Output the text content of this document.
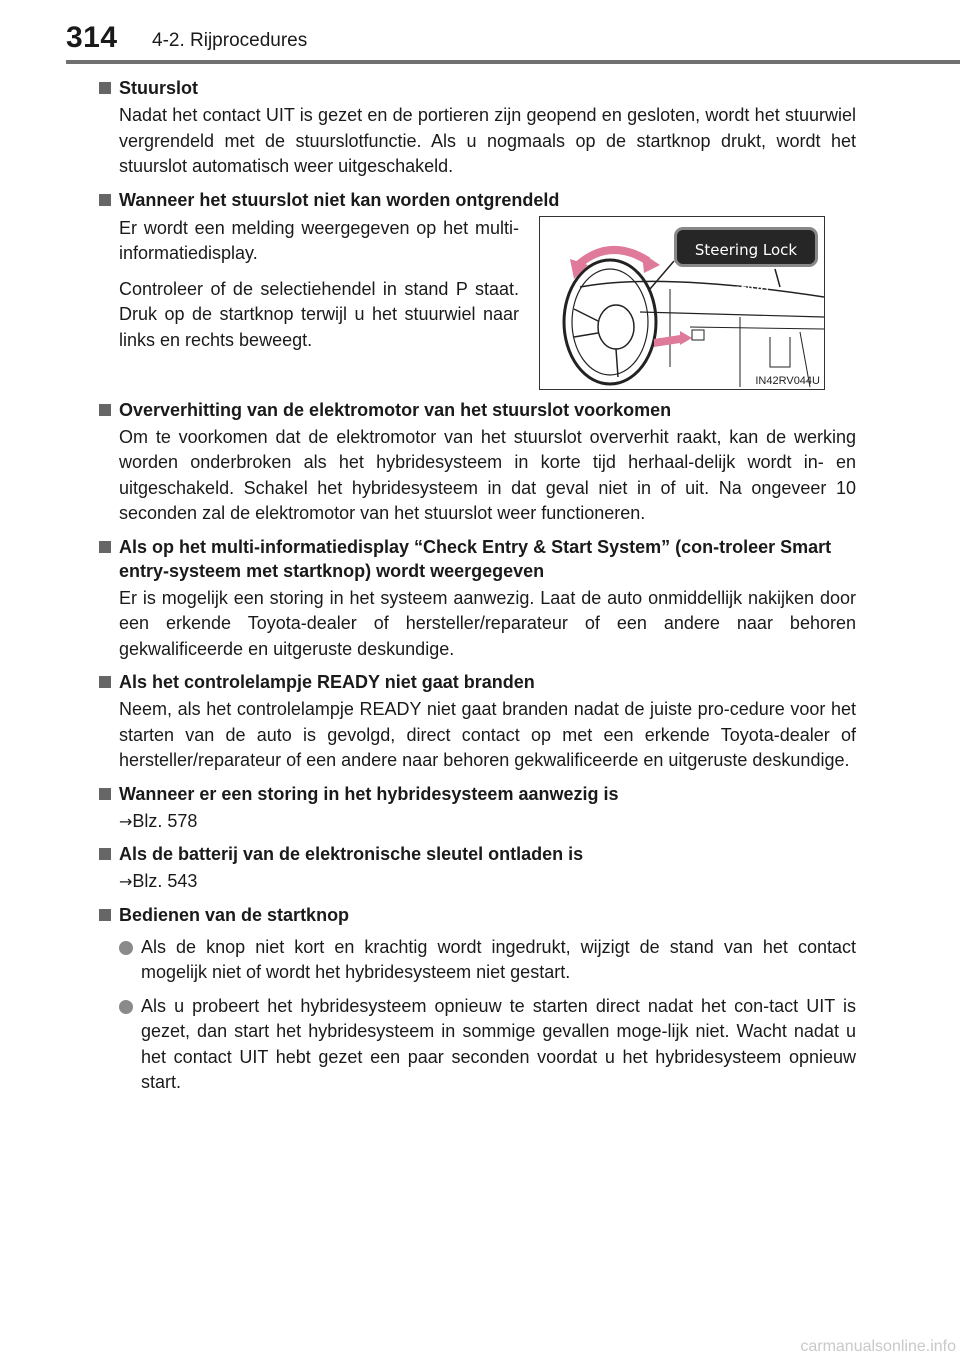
314 4-2. Rijprocedures
Stuurslot
Nadat het contact UIT is gezet en de portieren zijn geopend en gesloten, wordt het stuurwiel vergrendeld met de stuurslotfunctie. Als u nogmaals op de startknop drukt, wordt het stuurslot automatisch weer uitgeschakeld.
Wanneer het stuurslot niet kan worden ontgrendeld

Er wordt een melding weergegeven op het multi-informatiedisplay.

Controleer of de selectiehendel in stand P staat. Druk op de startknop terwijl u het stuurwiel naar links en rechts beweegt.

Steering Lock active
IN42RV044U
Oververhitting van de elektromotor van het stuurslot voorkomen
Om te voorkomen dat de elektromotor van het stuurslot oververhit raakt, kan de werking worden onderbroken als het hybridesysteem in korte tijd herhaal-delijk wordt in- en uitgeschakeld. Schakel het hybridesysteem in dat geval niet in of uit. Na ongeveer 10 seconden zal de elektromotor van het stuurslot weer functioneren.
Als op het multi-informatiedisplay “Check Entry & Start System” (con-troleer Smart entry-systeem met startknop) wordt weergegeven
Er is mogelijk een storing in het systeem aanwezig. Laat de auto onmiddellijk nakijken door een erkende Toyota-dealer of hersteller/reparateur of een andere naar behoren gekwalificeerde en uitgeruste deskundige.
Als het controlelampje READY niet gaat branden
Neem, als het controlelampje READY niet gaat branden nadat de juiste pro-cedure voor het starten van de auto is gevolgd, direct contact op met een erkende Toyota-dealer of hersteller/reparateur of een andere naar behoren gekwalificeerde en uitgeruste deskundige.
Wanneer er een storing in het hybridesysteem aanwezig is
→Blz. 578
Als de batterij van de elektronische sleutel ontladen is
→Blz. 543
Bedienen van de startknop
Als de knop niet kort en krachtig wordt ingedrukt, wijzigt de stand van het contact mogelijk niet of wordt het hybridesysteem niet gestart.
Als u probeert het hybridesysteem opnieuw te starten direct nadat het con-tact UIT is gezet, dan start het hybridesysteem in sommige gevallen moge-lijk niet. Wacht nadat u het contact UIT hebt gezet een paar seconden voordat u het hybridesysteem opnieuw start.
carmanualsonline.info
